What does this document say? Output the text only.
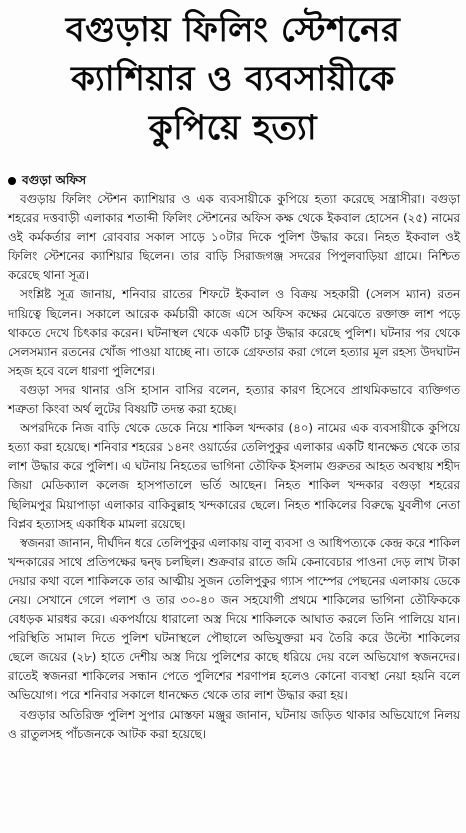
বগুড়ায় ফিলিং স্টেশনের
ক্যাশিয়ার ও ব্যবসায়ীকে
কুপিয়ে হত্যা
বগুড়া অফিস

বগুড়ায় ফিলিং স্টেশন ক্যাশিয়ার ও এক ব্যবসায়ীকে কুপিয়ে হত্যা করেছে সন্ত্রাসীরা। বগুড়া শহরের দত্তবাড়ী এলাকার শতাব্দী ফিলিং স্টেশনের অফিস কক্ষ থেকে ইকবাল হোসেন (২৫) নামের ওই কর্মকর্তার লাশ রোববার সকাল সাড়ে ১০টার দিকে পুলিশ উদ্ধার করে। নিহত ইকবাল ওই ফিলিং স্টেশনের ক্যাশিয়ার ছিলেন। তার বাড়ি সিরাজগঞ্জ সদরের পিপুলবাড়িয়া গ্রামে। নিশ্চিত করেছে থানা সূত্র।

সংশ্লিষ্ট সূত্র জানায়, শনিবার রাতের শিফটে ইকবাল ও বিক্রয় সহকারী (সেলস ম্যান) রতন দায়িত্বে ছিলেন। সকালে আরেক কর্মচারী কাজে এসে অফিস কক্ষের মেঝেতে রক্তাক্ত লাশ পড়ে থাকতে দেখে চিৎকার করেন। ঘটনাস্থল থেকে একটি চাকু উদ্ধার করেছে পুলিশ। ঘটনার পর থেকে সেলসম্যান রতনের খোঁজ পাওয়া যাচ্ছে না। তাকে গ্রেফতার করা গেলে হত্যার মূল রহস্য উদঘাটন সহজ হবে বলে ধারণা পুলিশের।

বগুড়া সদর থানার ওসি হাসান বাসির বলেন, হত্যার কারণ হিসেবে প্রাথমিকভাবে ব্যক্তিগত শত্রুতা কিংবা অর্থ লুটের বিষয়টি তদন্ত করা হচ্ছে।

অপরদিকে নিজ বাড়ি থেকে ডেকে নিয়ে শাকিল খন্দকার (৪০) নামের এক ব্যবসায়ীকে কুপিয়ে হত্যা করা হয়েছে। শনিবার শহরের ১৪নং ওয়ার্ডের তেলিপুকুর এলাকার একটি ধানক্ষেত থেকে তার লাশ উদ্ধার করে পুলিশ। এ ঘটনায় নিহতের ভাগিনা তৌফিক ইসলাম গুরুতর আহত অবস্থায় শহীদ জিয়া মেডিক্যাল কলেজ হাসপাতালে ভর্তি আছেন। নিহত শাকিল খন্দকার বগুড়া শহরের ছিলিমপুর মিয়াপাড়া এলাকার বাকিবুল্লাহ খন্দকারের ছেলে। নিহত শাকিলের বিরুদ্ধে যুবলীগ নেতা বিপ্লব হত্যাসহ একাধিক মামলা রয়েছে।

স্বজনরা জানান, দীর্ঘদিন ধরে তেলিপুকুর এলাকায় বালু ব্যবসা ও আধিপত্যকে কেন্দ্র করে শাকিল খন্দকারের সাথে প্রতিপক্ষের দ্বন্দ্ব চলছিল। শুক্রবার রাতে জমি কেনাবেচার পাওনা দেড় লাখ টাকা দেয়ার কথা বলে শাকিলকে তার আত্মীয় সুজন তেলিপুকুর গ্যাস পাম্পের পেছনের এলাকায় ডেকে নেয়। সেখানে গেলে পলাশ ও তার ৩০-৪০ জন সহযোগী প্রথমে শাকিলের ভাগিনা তৌফিককে বেধড়ক মারধর করে। একপর্যায়ে ধারালো অস্ত্র দিয়ে শাকিলকে আঘাত করলে তিনি পালিয়ে যান। পরিস্থিতি সামাল দিতে পুলিশ ঘটনাস্থলে পৌছালে অভিযুক্তরা মব তৈরি করে উল্টো শাকিলের ছেলে জয়ের (২৮) হাতে দেশীয় অস্ত্র দিয়ে পুলিশের কাছে ধরিয়ে দেয় বলে অভিযোগ স্বজনদের। রাতেই স্বজনরা শাকিলের সন্ধান পেতে পুলিশের শরণাপন্ন হলেও কোনো ব্যবস্থা নেয়া হয়নি বলে অভিযোগ। পরে শনিবার সকালে ধানক্ষেত থেকে তার লাশ উদ্ধার করা হয়।

বগুড়ার অতিরিক্ত পুলিশ সুপার মোস্তফা মঞ্জুর জানান, ঘটনায় জড়িত থাকার অভিযোগে নিলয় ও রাতুলসহ পাঁচজনকে আটক করা হয়েছে।
